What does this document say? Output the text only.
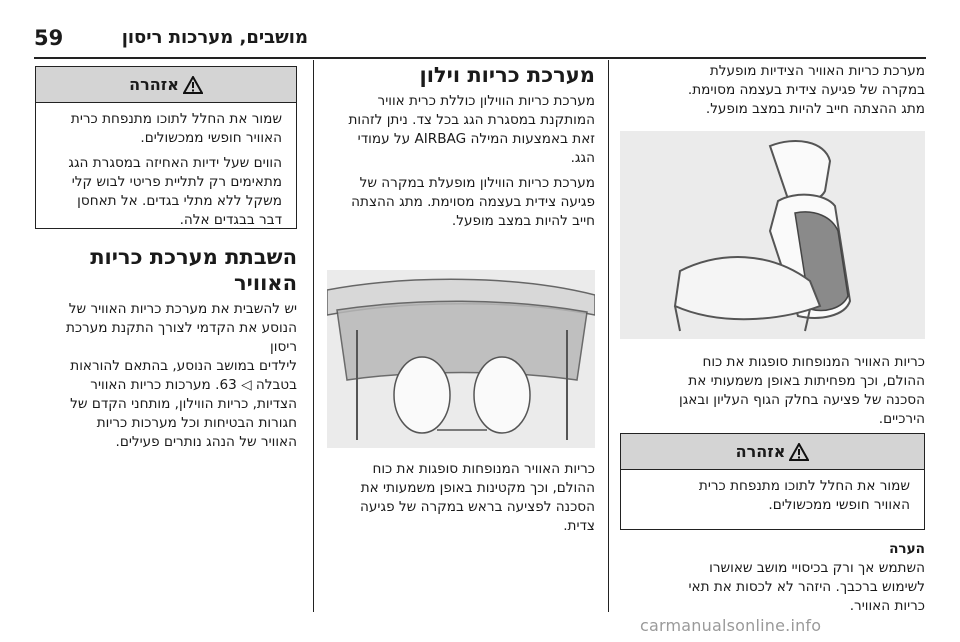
59	מושבים, מערכות ריסון
מערכת כריות האוויר הצידיות מופעלת
במקרה של פגיעה צידית בעצמה מסוימת.
מתג ההצתה חייב להיות במצב מופעל.
כריות האוויר המנופחות סופגות את כוח
ההולם, וכך מפחיתות באופן משמעותי את
הסכנה של פציעה בחלק הגוף העליון ובאגן
הירכיים.
אזהרה
שמור את החלל לתוכו מתנפחת כרית
האוויר חופשי ממכשולים.
הערה
השתמש אך ורק בכיסויי מושב שאושרו
לשימוש ברכבך. היזהר לא לכסות את תאי
כריות האוויר.
מערכת כריות וילון
מערכת כריות הווילון כוללת כרית אוויר
המותקנת במסגרת הגג בכל צד. ניתן לזהות
זאת באמצעות המילה AIRBAG על עמודי
הגג.
מערכת כריות הווילון מופעלת במקרה של
פגיעה צידית בעצמה מסוימת. מתג ההצתה
חייב להיות במצב מופעל.
כריות האוויר המנופחות סופגות את כוח
ההולם, וכך מקטינות באופן משמעותי את
הסכנה לפציעה בראש במקרה של פגיעה
צדית.
אזהרה
שמור את החלל לתוכו מתנפחת כרית
האוויר חופשי ממכשולים.
הווים שעל ידיות האחיזה במסגרת הגג
מתאימים רק לתליית פריטי לבוש קלי
משקל ללא מתלי בגדים. אל תאחסן
דבר בבגדים אלה.
השבתת מערכת כריות האוויר
יש להשבית את מערכת כריות האוויר של
הנוסע את הקדמי לצורך התקנת מערכת ריסון
לילדים במושב הנוסע, בהתאם להוראות
בטבלה ◁ 63. מערכות כריות האוויר
הצדיות, כריות הווילון, מותחני הקדם של
חגורות הבטיחות וכל מערכות כריות
האוויר של הנהג נותרים פעילים.
carmanualsonline.info
